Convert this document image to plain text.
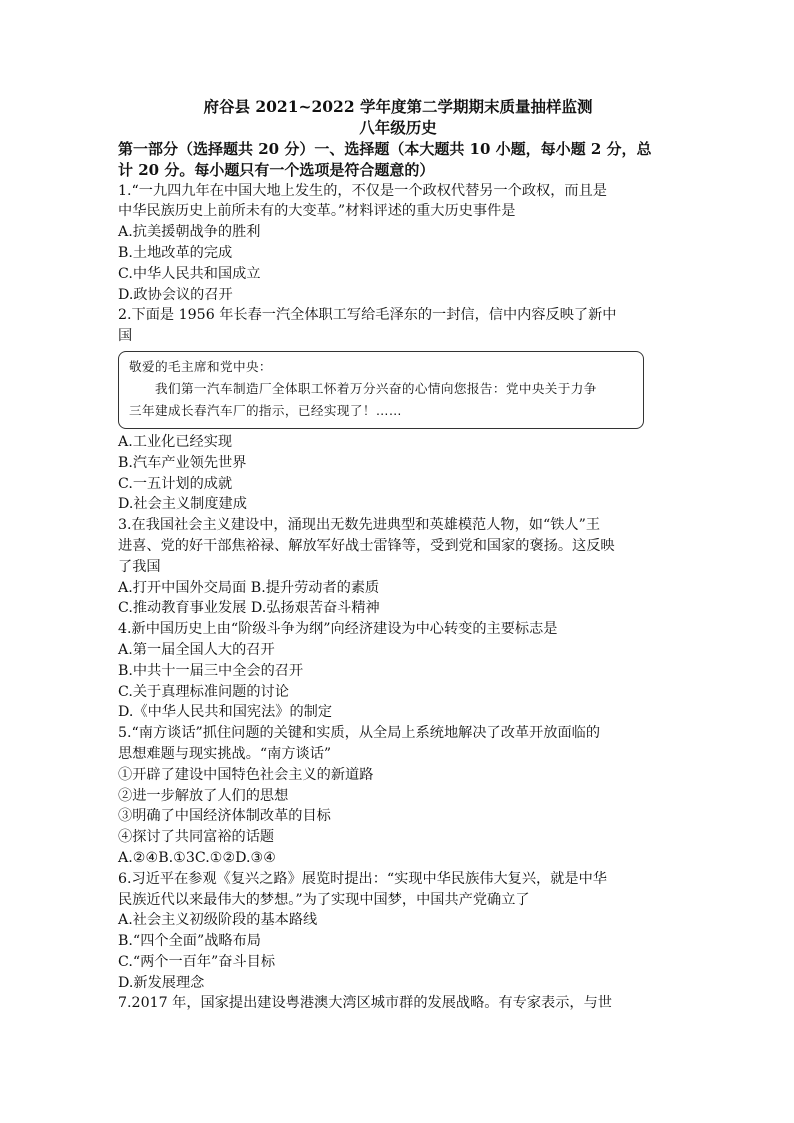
府谷县 2021~2022 学年度第二学期期末质量抽样监测
八年级历史
第一部分（选择题共 20 分）一、选择题（本大题共 10 小题，每小题 2 分，总
计 20 分。每小题只有一个选项是符合题意的）
1.“一九四九年在中国大地上发生的，不仅是一个政权代替另一个政权，而且是
中华民族历史上前所未有的大变革。”材料评述的重大历史事件是
A.抗美援朝战争的胜利
B.土地改革的完成
C.中华人民共和国成立
D.政协会议的召开
2.下面是 1956 年长春一汽全体职工写给毛泽东的一封信，信中内容反映了新中
国
敬爱的毛主席和党中央：
我们第一汽车制造厂全体职工怀着万分兴奋的心情向您报告：党中央关于力争
三年建成长春汽车厂的指示，已经实现了！……
A.工业化已经实现
B.汽车产业领先世界
C.一五计划的成就
D.社会主义制度建成
3.在我国社会主义建设中，涌现出无数先进典型和英雄模范人物，如“铁人”王
进喜、党的好干部焦裕禄、解放军好战士雷锋等，受到党和国家的褒扬。这反映
了我国
A.打开中国外交局面 B.提升劳动者的素质
C.推动教育事业发展 D.弘扬艰苦奋斗精神
4.新中国历史上由“阶级斗争为纲”向经济建设为中心转变的主要标志是
A.第一届全国人大的召开
B.中共十一届三中全会的召开
C.关于真理标准问题的讨论
D.《中华人民共和国宪法》的制定
5.“南方谈话”抓住问题的关键和实质，从全局上系统地解决了改革开放面临的
思想难题与现实挑战。“南方谈话”
①开辟了建设中国特色社会主义的新道路
②进一步解放了人们的思想
③明确了中国经济体制改革的目标
④探讨了共同富裕的话题
A.②④B.①3C.①②D.③④
6.习近平在参观《复兴之路》展览时提出：“实现中华民族伟大复兴，就是中华
民族近代以来最伟大的梦想。”为了实现中国梦，中国共产党确立了
A.社会主义初级阶段的基本路线
B.“四个全面”战略布局
C.“两个一百年”奋斗目标
D.新发展理念
7.2017 年，国家提出建设粤港澳大湾区城市群的发展战略。有专家表示，与世
